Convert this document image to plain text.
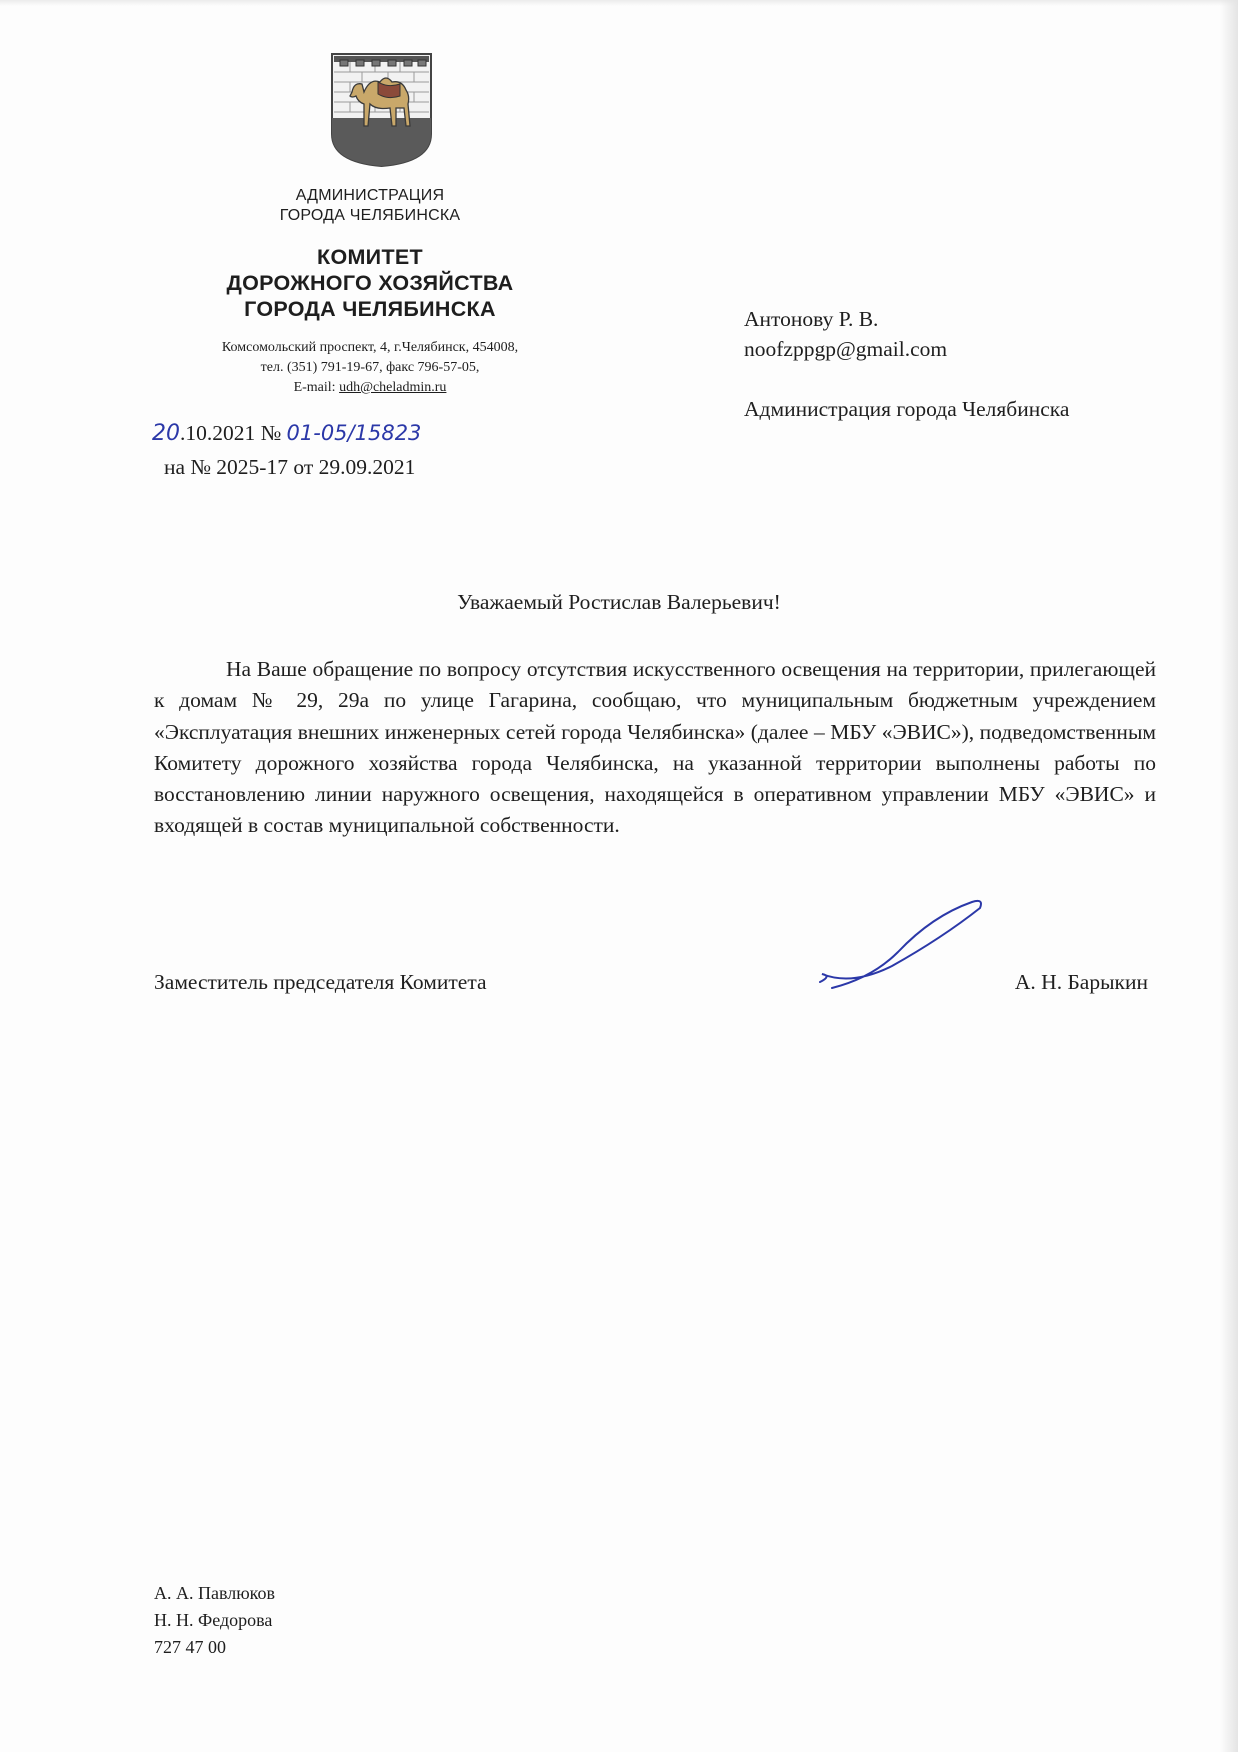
АДМИНИСТРАЦИЯ
ГОРОДА ЧЕЛЯБИНСКА
КОМИТЕТ
ДОРОЖНОГО ХОЗЯЙСТВА
ГОРОДА ЧЕЛЯБИНСКА
Комсомольский проспект, 4, г.Челябинск, 454008,
тел. (351) 791-19-67, факс 796-57-05,
E-mail: udh@cheladmin.ru
20.10.2021 № 01-05/15823
на № 2025-17 от 29.09.2021
Антонову Р. В.
noofzppgp@gmail.com
Администрация города Челябинска
Уважаемый Ростислав Валерьевич!
На Ваше обращение по вопросу отсутствия искусственного освещения на территории, прилегающей к домам № 29, 29а по улице Гагарина, сообщаю, что муниципальным бюджетным учреждением «Эксплуатация внешних инженерных сетей города Челябинска» (далее – МБУ «ЭВИС»), подведомственным Комитету дорожного хозяйства города Челябинска, на указанной территории выполнены работы по восстановлению линии наружного освещения, находящейся в оперативном управлении МБУ «ЭВИС» и входящей в состав муниципальной собственности.
Заместитель председателя Комитета	А. Н. Барыкин
А. А. Павлюков
Н. Н. Федорова
727 47 00
